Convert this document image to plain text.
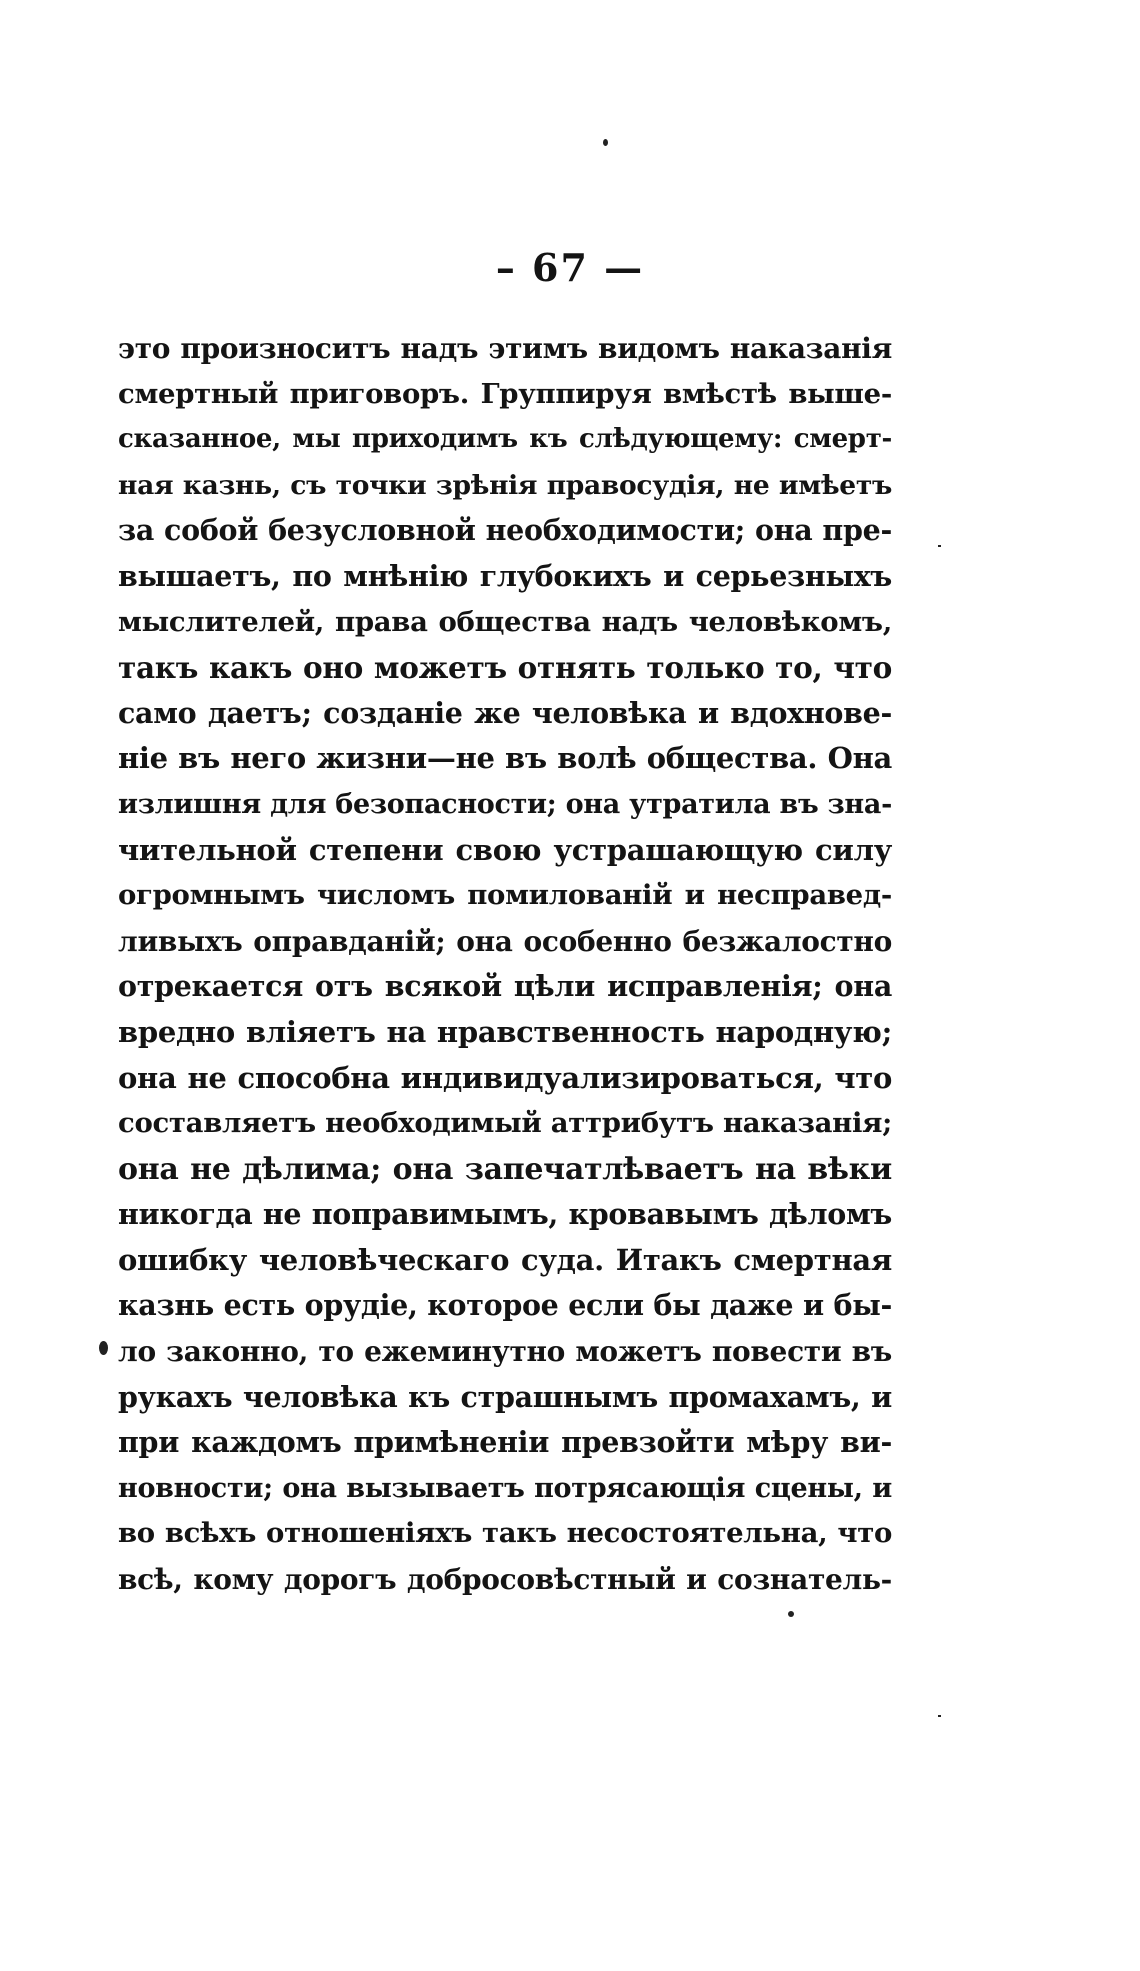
– 67 —
это произноситъ надъ этимъ видомъ наказанія
смертный приговоръ. Группируя вмѣстѣ выше-
сказанное, мы приходимъ къ слѣдующему: смерт-
ная казнь, съ точки зрѣнія правосудія, не имѣетъ
за собой безусловной необходимости; она пре-
вышаетъ, по мнѣнію глубокихъ и серьезныхъ
мыслителей, права общества надъ человѣкомъ,
такъ какъ оно можетъ отнять только то, что
само даетъ; созданіе же человѣка и вдохнове-
ніе въ него жизни—не въ волѣ общества. Она
излишня для безопасности; она утратила въ зна-
чительной степени свою устрашающую силу
огромнымъ числомъ помилованій и несправед-
ливыхъ оправданій; она особенно безжалостно
отрекается отъ всякой цѣли исправленія; она
вредно вліяетъ на нравственность народную;
она не способна индивидуализироваться, что
составляетъ необходимый аттрибутъ наказанія;
она не дѣлима; она запечатлѣваетъ на вѣки
никогда не поправимымъ, кровавымъ дѣломъ
ошибку человѣческаго суда. Итакъ смертная
казнь есть орудіе, которое если бы даже и бы-
ло законно, то ежеминутно можетъ повести въ
рукахъ человѣка къ страшнымъ промахамъ, и
при каждомъ примѣненіи превзойти мѣру ви-
новности; она вызываетъ потрясающія сцены, и
во всѣхъ отношеніяхъ такъ несостоятельна, что
всѣ, кому дорогъ добросовѣстный и сознатель-
